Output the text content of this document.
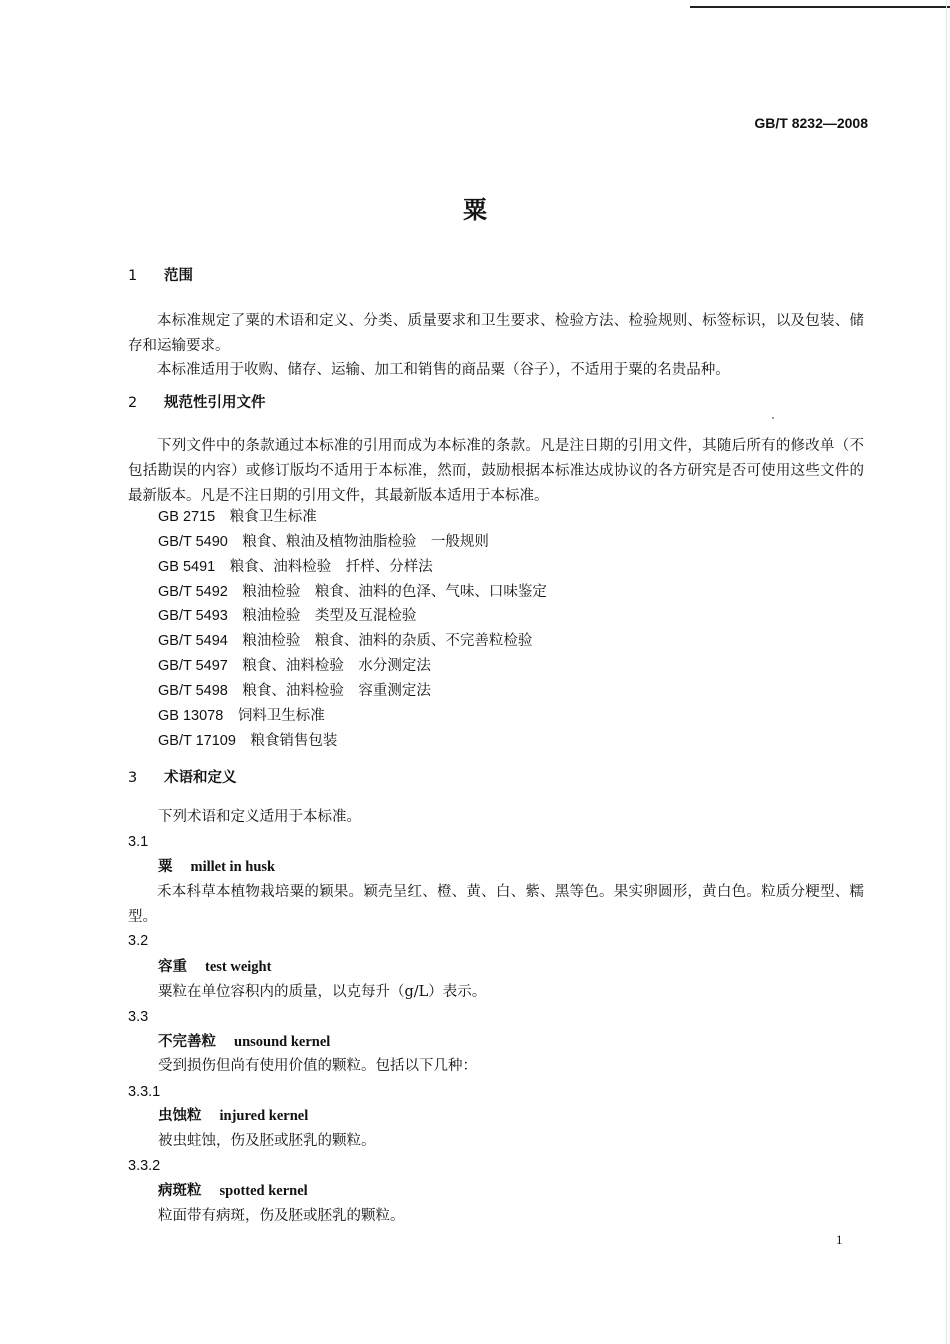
GB/T 8232—2008
粟
1 范围

本标准规定了粟的术语和定义、分类、质量要求和卫生要求、检验方法、检验规则、标签标识，以及包装、储存和运输要求。

本标准适用于收购、储存、运输、加工和销售的商品粟（谷子），不适用于粟的名贵品种。

2 规范性引用文件

下列文件中的条款通过本标准的引用而成为本标准的条款。凡是注日期的引用文件，其随后所有的修改单（不包括勘误的内容）或修订版均不适用于本标准，然而，鼓励根据本标准达成协议的各方研究是否可使用这些文件的最新版本。凡是不注日期的引用文件，其最新版本适用于本标准。

GB 2715　 粮食卫生标准
GB/T 5490　 粮食、粮油及植物油脂检验　一般规则
GB 5491　 粮食、油料检验　扦样、分样法
GB/T 5492　 粮油检验　粮食、油料的色泽、气味、口味鉴定
GB/T 5493　 粮油检验　类型及互混检验
GB/T 5494　 粮油检验　粮食、油料的杂质、不完善粒检验
GB/T 5497　 粮食、油料检验　水分测定法
GB/T 5498　 粮食、油料检验　容重测定法
GB 13078　 饲料卫生标准
GB/T 17109　 粮食销售包装
3 术语和定义
下列术语和定义适用于本标准。
3.1
粟 millet in husk

禾本科草本植物栽培粟的颖果。颖壳呈红、橙、黄、白、紫、黑等色。果实卵圆形，黄白色。粒质分粳型、糯型。

3.2
容重 test weight
粟粒在单位容积内的质量，以克每升（g/L）表示。
3.3
不完善粒 unsound kernel
受到损伤但尚有使用价值的颗粒。包括以下几种：
3.3.1
虫蚀粒 injured kernel
被虫蛀蚀，伤及胚或胚乳的颗粒。
3.3.2
病斑粒 spotted kernel
粒面带有病斑，伤及胚或胚乳的颗粒。
1
